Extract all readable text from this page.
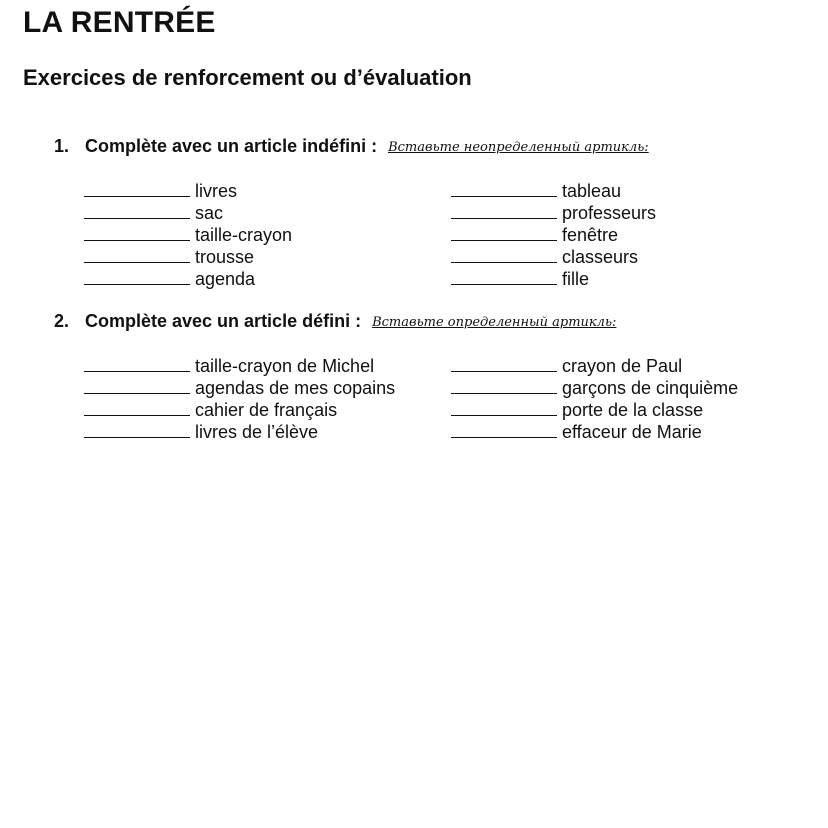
LA RENTRÉE
Exercices de renforcement ou d’évaluation
1. Complète avec un article indéfini : Вставьте неопределенный артикль:
livres
sac
taille-crayon
trousse
agenda
tableau
professeurs
fenêtre
classeurs
fille
2. Complète avec un article défini : Вставьте определенный артикль:
taille-crayon de Michel
agendas de mes copains
cahier de français
livres de l’élève
crayon de Paul
garçons de cinquième
porte de la classe
effaceur de Marie
